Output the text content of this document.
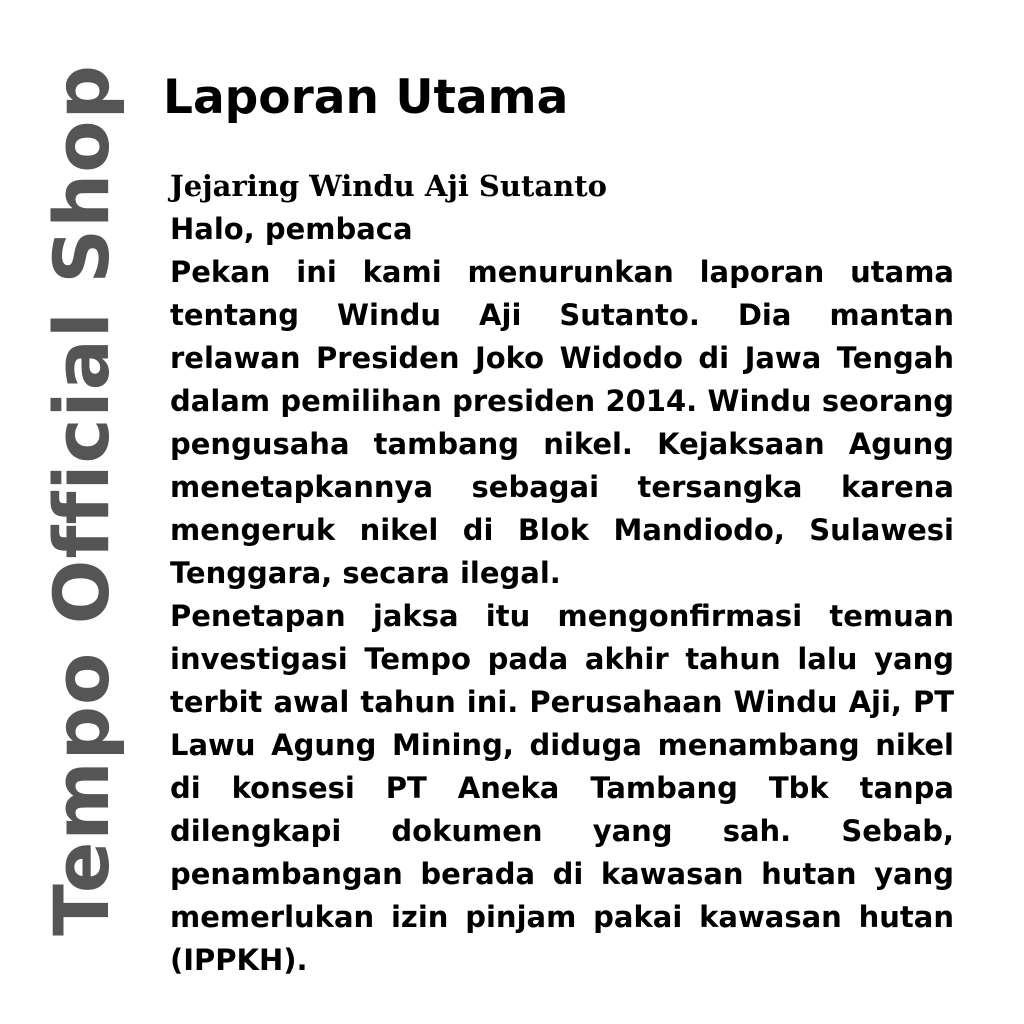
Tempo Official Shop Laporan Utama

Jejaring Windu Aji Sutanto

Halo, pembaca

Pekan ini kami menurunkan laporan utama tentang Windu Aji Sutanto. Dia mantan relawan Presiden Joko Widodo di Jawa Tengah dalam pemilihan presiden 2014. Windu seorang pengusaha tambang nikel. Kejaksaan Agung menetapkannya sebagai tersangka karena mengeruk nikel di Blok Mandiodo, Sulawesi Tenggara, secara ilegal.

Penetapan jaksa itu mengonfirmasi temuan investigasi Tempo pada akhir tahun lalu yang terbit awal tahun ini. Perusahaan Windu Aji, PT Lawu Agung Mining, diduga menambang nikel di konsesi PT Aneka Tambang Tbk tanpa dilengkapi dokumen yang sah. Sebab, penambangan berada di kawasan hutan yang memerlukan izin pinjam pakai kawasan hutan (IPPKH).
